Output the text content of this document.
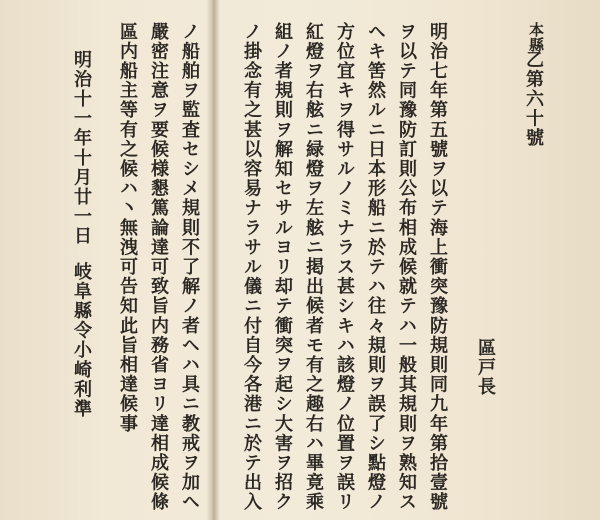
本縣
乙第六十號
區戸長
明治七年第五號ヲ以テ海上衝突豫防規則同九年第拾壹號
ヲ以テ同豫防訂則公布相成候就テハ一般其規則ヲ熟知ス
ヘキ筈然ルニ日本形船ニ於テハ往々規則ヲ誤了シ點燈ノ
方位宜キヲ得サルノミナラス甚シキハ該燈ノ位置ヲ誤リ
紅燈ヲ右舷ニ緑燈ヲ左舷ニ掲出候者モ有之趣右ハ畢竟乘
組ノ者規則ヲ解知セサルヨリ却テ衝突ヲ起シ大害ヲ招ク
ノ掛念有之甚以容易ナラサル儀ニ付自今各港ニ於テ出入
ノ船舶ヲ監査セシメ規則不了解ノ者ヘハ具ニ教戒ヲ加ヘ
嚴密注意ヲ要候様懇篤論達可致旨内務省ヨリ達相成候條
區内船主等有之候ハ丶無洩可告知此旨相達候事
明治十一年十月廿一日
岐阜縣令小崎利準
